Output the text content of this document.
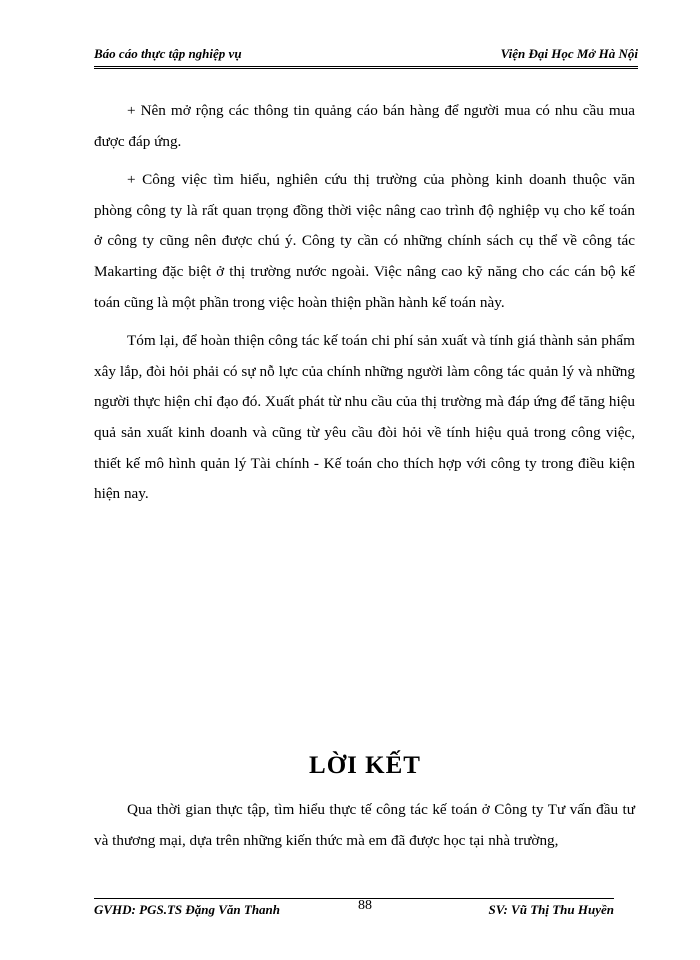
Báo cáo thực tập nghiệp vụ	Viện Đại Học Mở Hà Nội

+ Nên mở rộng các thông tin quảng cáo bán hàng để người mua có nhu cầu mua được đáp ứng.

+ Công việc tìm hiểu, nghiên cứu thị trường của phòng kinh doanh thuộc văn phòng công ty là rất quan trọng đồng thời việc nâng cao trình độ nghiệp vụ cho kế toán ở công ty cũng nên được chú ý. Công ty cần có những chính sách cụ thể về công tác Makarting đặc biệt ở thị trường nước ngoài. Việc nâng cao kỹ năng cho các cán bộ kế toán cũng là một phần trong việc hoàn thiện phần hành kế toán này.

Tóm lại, để hoàn thiện công tác kế toán chi phí sản xuất và tính giá thành sản phẩm xây lắp, đòi hỏi phải có sự nỗ lực của chính những người làm công tác quản lý và những người thực hiện chỉ đạo đó. Xuất phát từ nhu cầu của thị trường mà đáp ứng để tăng hiệu quả sản xuất kinh doanh và cũng từ yêu cầu đòi hỏi về tính hiệu quả trong công việc, thiết kế mô hình quản lý Tài chính - Kế toán cho thích hợp với công ty trong điều kiện hiện nay.

LỜI KẾT

Qua thời gian thực tập, tìm hiểu thực tế công tác kế toán ở Công ty Tư vấn đầu tư và thương mại, dựa trên những kiến thức mà em đã được học tại nhà trường,

GVHD: PGS.TS Đặng Văn Thanh	88	SV: Vũ Thị Thu Huyền
